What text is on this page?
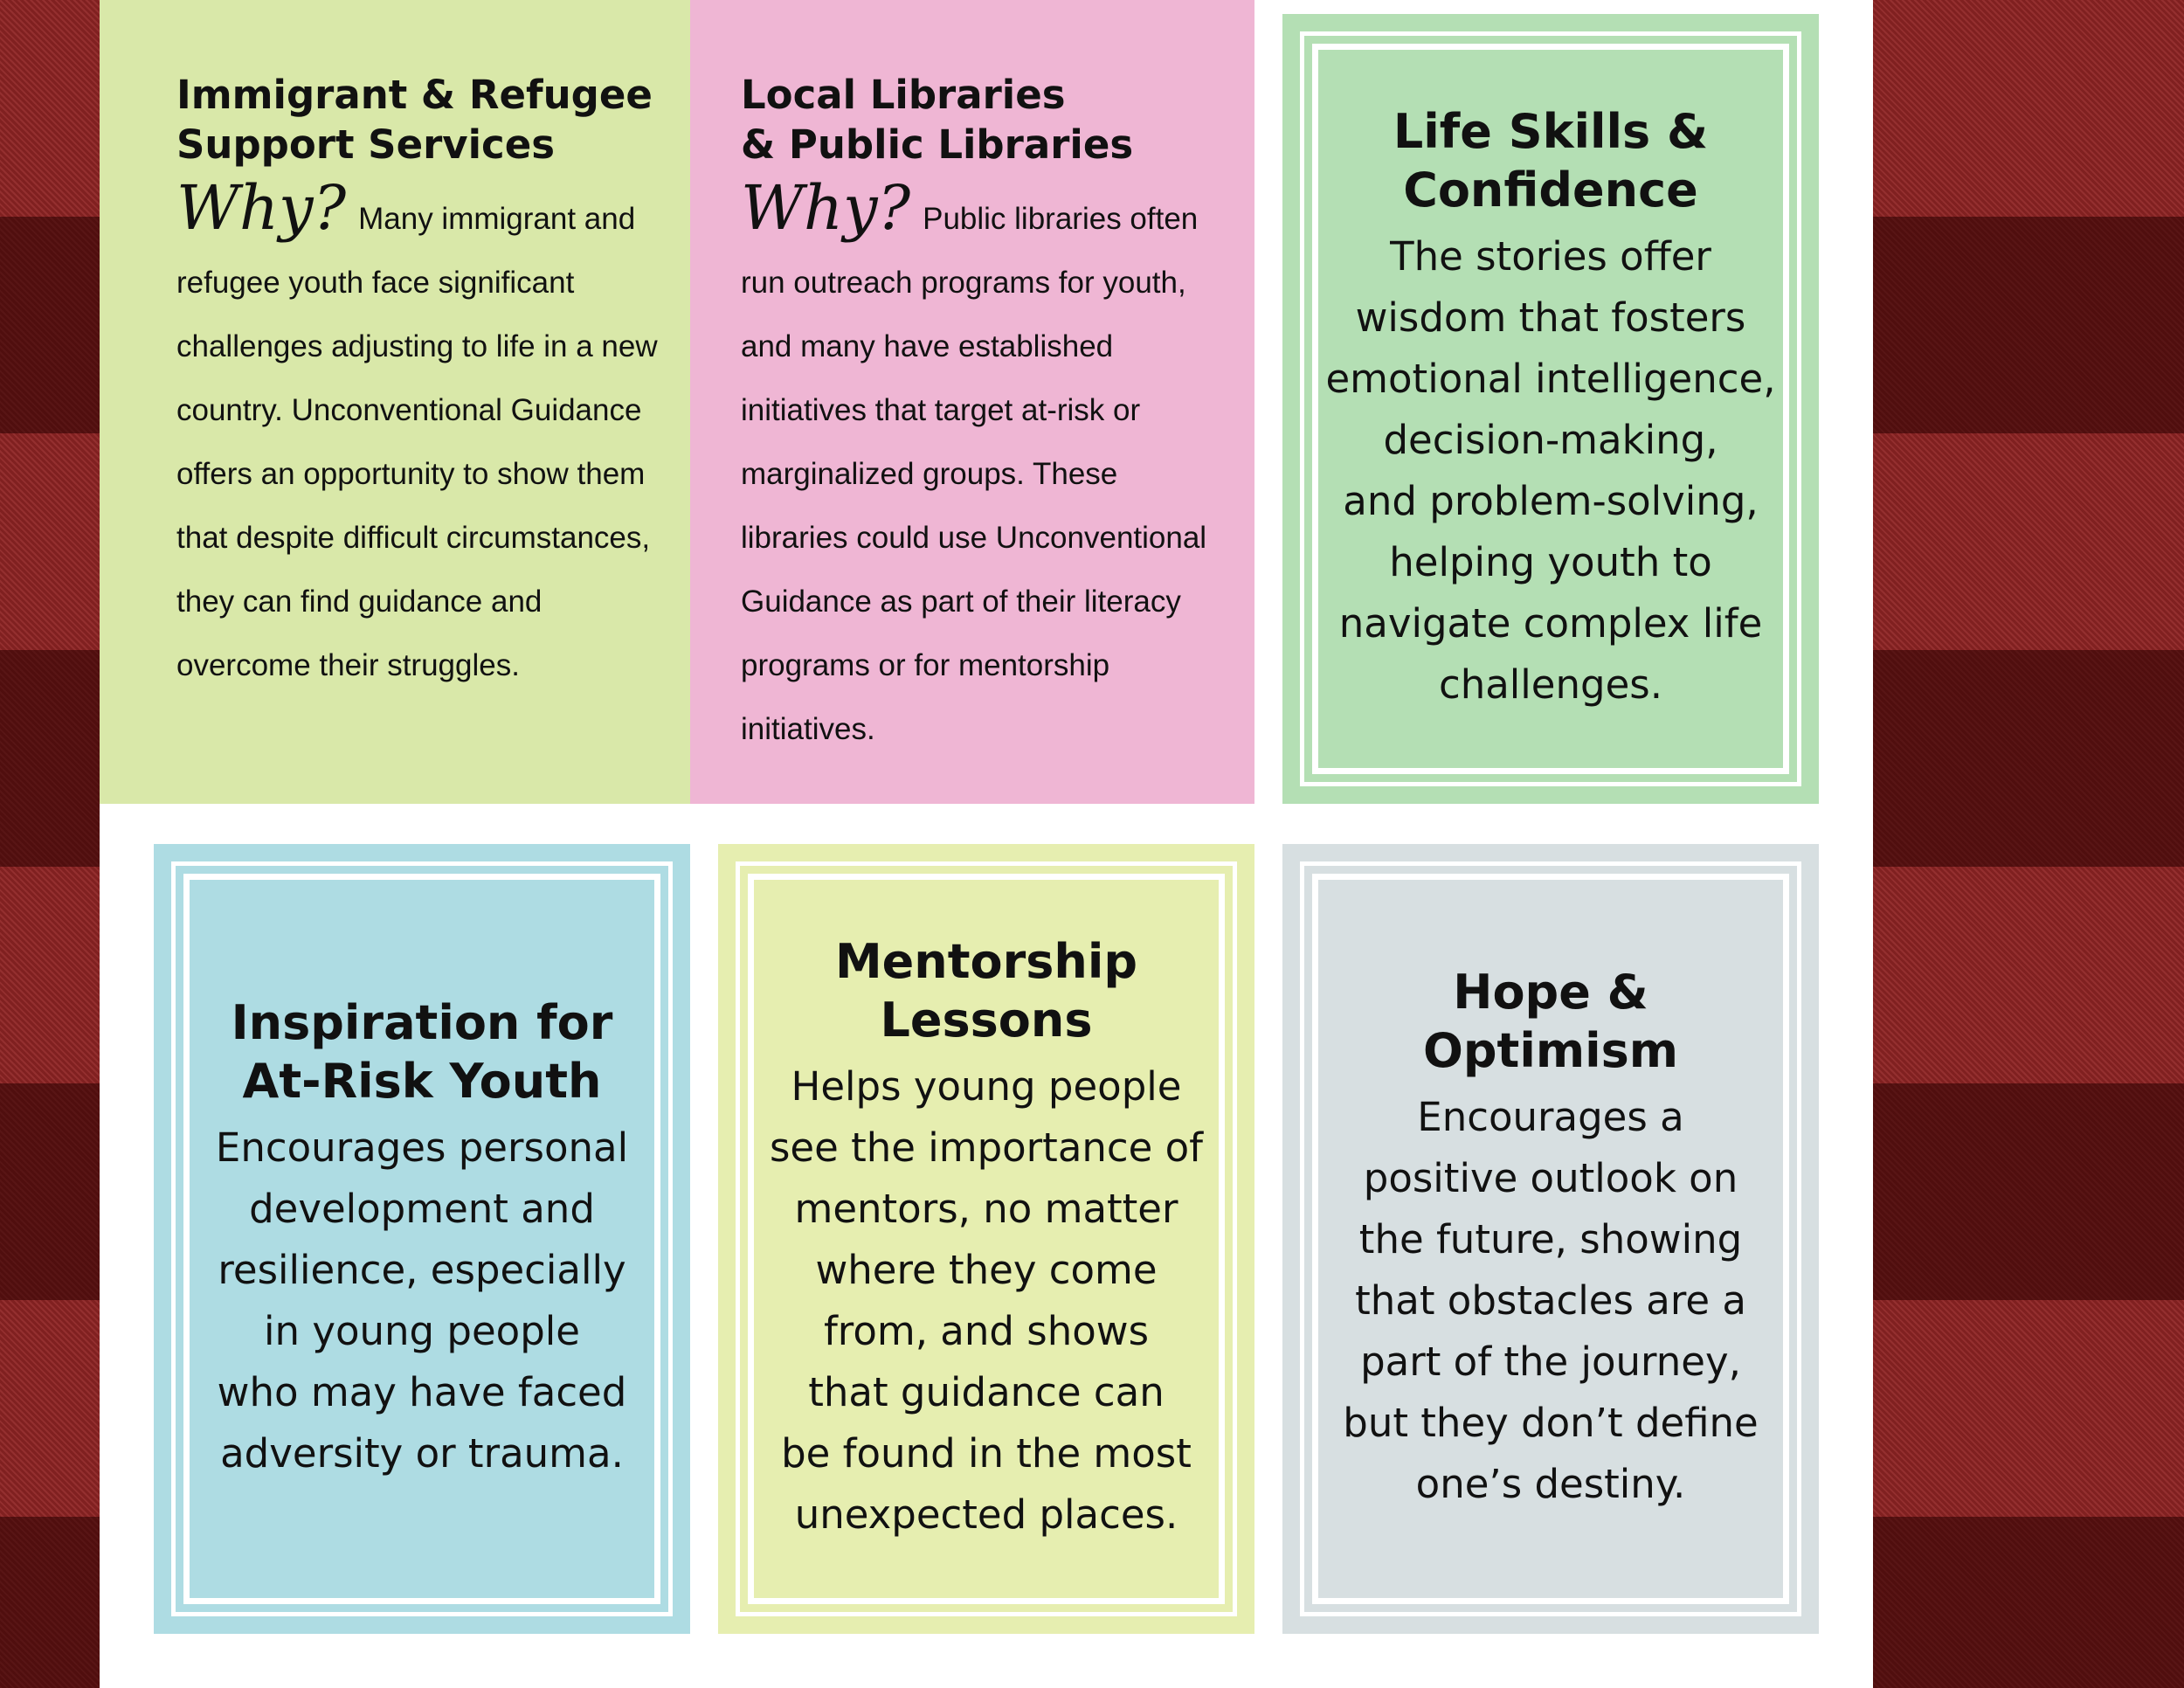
Immigrant & Refugee
Support Services
Why? Many immigrant and refugee youth face significant challenges adjusting to life in a new country. Unconventional Guidance offers an opportunity to show them that despite difficult circumstances, they can find guidance and overcome their struggles.
Local Libraries
& Public Libraries
Why? Public libraries often run outreach programs for youth, and many have established initiatives that target at-risk or marginalized groups. These libraries could use Unconventional Guidance as part of their literacy programs or for mentorship initiatives.
Life Skills &
Confidence
The stories offer
wisdom that fosters
emotional intelligence,
decision-making,
and problem-solving,
helping youth to
navigate complex life
challenges.
Inspiration for
At-Risk Youth
Encourages personal
development and
resilience, especially
in young people
who may have faced
adversity or trauma.
Mentorship
Lessons
Helps young people
see the importance of
mentors, no matter
where they come
from, and shows
that guidance can
be found in the most
unexpected places.
Hope & Optimism
Encourages a
positive outlook on
the future, showing
that obstacles are a
part of the journey,
but they don’t define
one’s destiny.
